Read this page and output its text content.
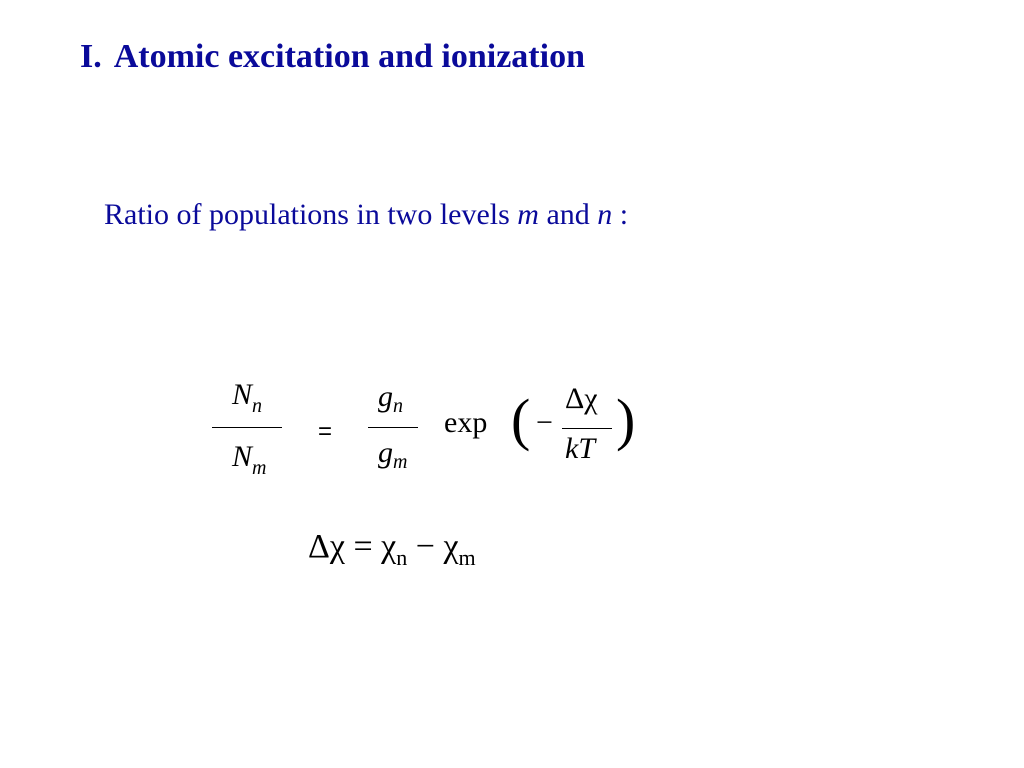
I. Atomic excitation and ionization
Ratio of populations in two levels m and n :
$N_n$
$N_m$
=
$g_n$
$g_m$
exp ( −
Δχ
kT )
$\Delta\chi = \chi_n - \chi_m$
